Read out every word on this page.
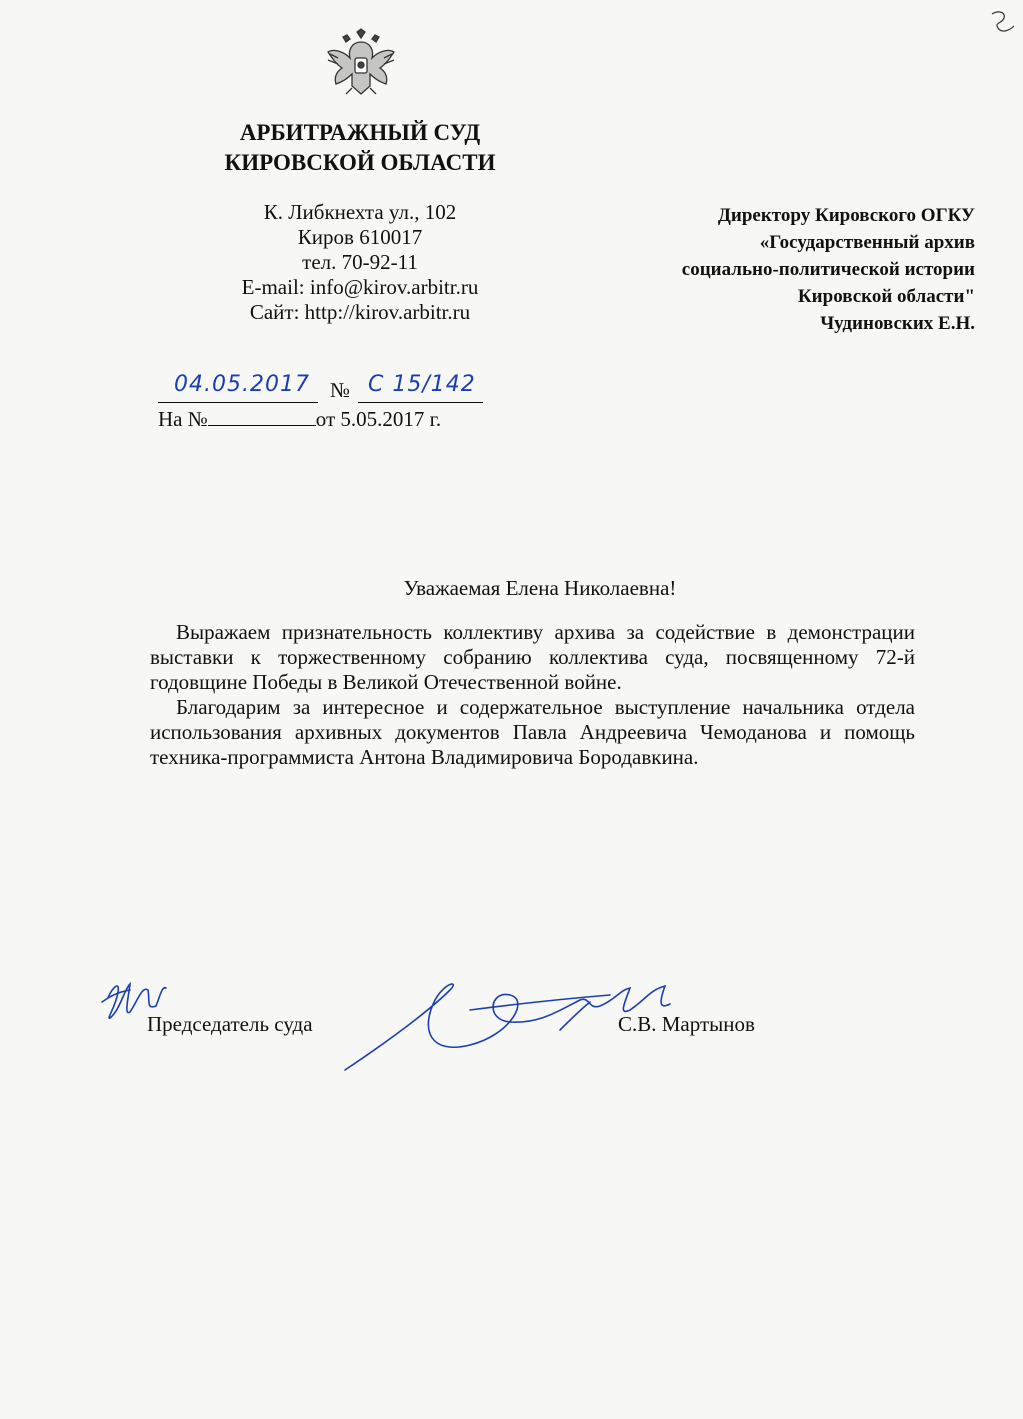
АРБИТРАЖНЫЙ СУД
КИРОВСКОЙ ОБЛАСТИ
К. Либкнехта ул., 102
Киров 610017
тел. 70-92-11
E-mail: info@kirov.arbitr.ru
Сайт: http://kirov.arbitr.ru
Директору Кировского ОГКУ
«Государственный архив
социально-политической истории
Кировской области"
Чудиновских Е.Н.
04.05.2017 № С 15/142
На №	от 5.05.2017 г.
Уважаемая Елена Николаевна!

Выражаем признательность коллективу архива за содействие в демонстрации выставки к торжественному собранию коллектива суда, посвященному 72-й годовщине Победы в Великой Отечественной войне.

Благодарим за интересное и содержательное выступление начальника отдела использования архивных документов Павла Андреевича Чемоданова и помощь техника-программиста Антона Владимировича Бородавкина.

Председатель суда	С.В. Мартынов
